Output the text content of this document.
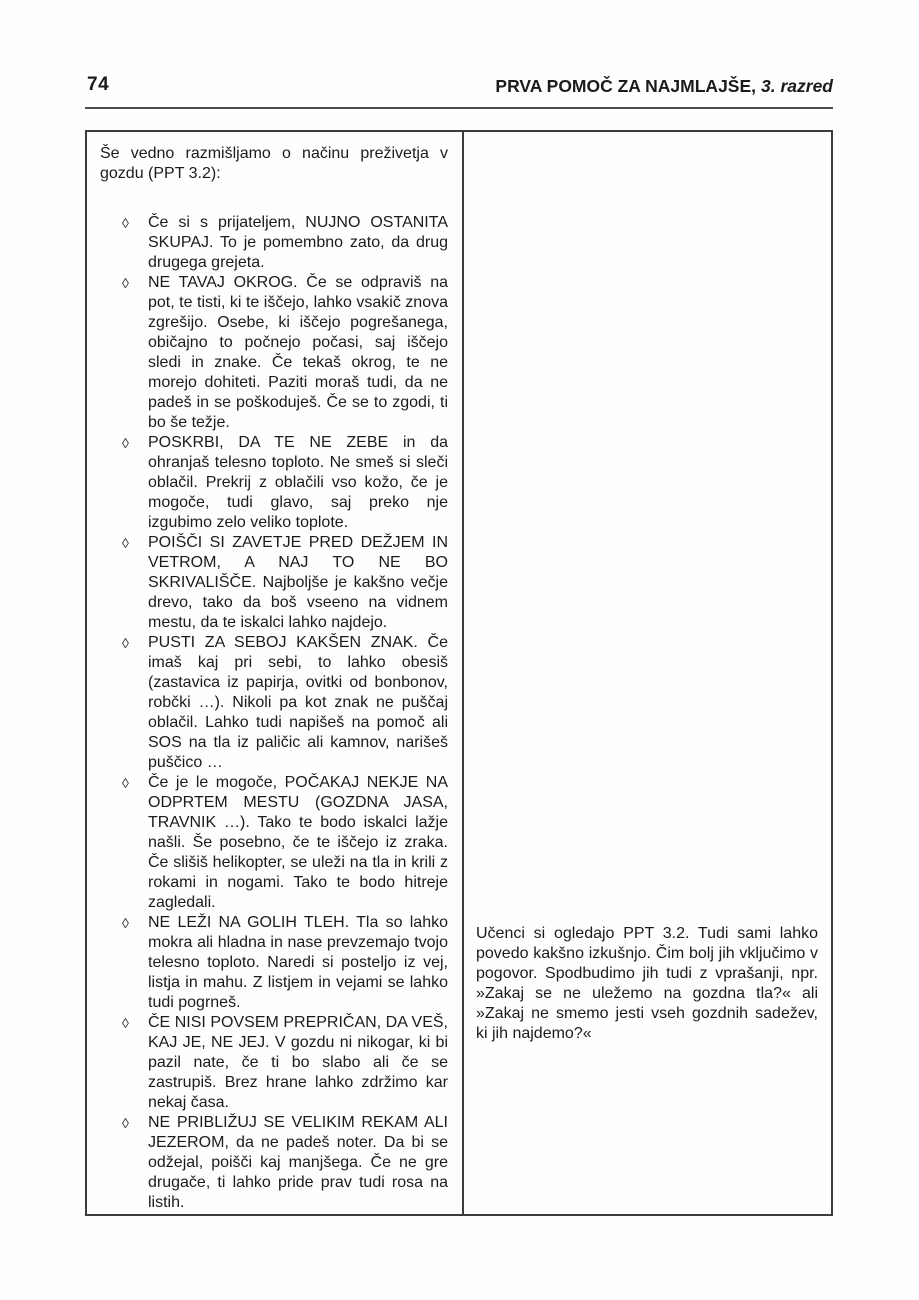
74	PRVA POMOČ ZA NAJMLAJŠE, 3. razred

Še vedno razmišljamo o načinu preživetja v gozdu (PPT 3.2):

◊	Če si s prijateljem, NUJNO OSTANITA SKUPAJ. To je pomembno zato, da drug drugega grejeta.
◊	NE TAVAJ OKROG. Če se odpraviš na pot, te tisti, ki te iščejo, lahko vsakič znova zgrešijo. Osebe, ki iščejo pogrešanega, običajno to počnejo počasi, saj iščejo sledi in znake. Če tekaš okrog, te ne morejo dohiteti. Paziti moraš tudi, da ne padeš in se poškoduješ. Če se to zgodi, ti bo še težje.
◊	POSKRBI, DA TE NE ZEBE in da ohranjaš telesno toploto. Ne smeš si sleči oblačil. Prekrij z oblačili vso kožo, če je mogoče, tudi glavo, saj preko nje izgubimo zelo veliko toplote.
◊	POIŠČI SI ZAVETJE PRED DEŽJEM IN VETROM, A NAJ TO NE BO SKRIVALIŠČE. Najboljše je kakšno večje drevo, tako da boš vseeno na vidnem mestu, da te iskalci lahko najdejo.
◊	PUSTI ZA SEBOJ KAKŠEN ZNAK. Če imaš kaj pri sebi, to lahko obesiš (zastavica iz papirja, ovitki od bonbonov, robčki …). Nikoli pa kot znak ne puščaj oblačil. Lahko tudi napišeš na pomoč ali SOS na tla iz paličic ali kamnov, narišeš puščico …
◊	Če je le mogoče, POČAKAJ NEKJE NA ODPRTEM MESTU (GOZDNA JASA, TRAVNIK …). Tako te bodo iskalci lažje našli. Še posebno, če te iščejo iz zraka. Če slišiš helikopter, se uleži na tla in krili z rokami in nogami. Tako te bodo hitreje zagledali.
◊	NE LEŽI NA GOLIH TLEH. Tla so lahko mokra ali hladna in nase prevzemajo tvojo telesno toploto. Naredi si posteljo iz vej, listja in mahu. Z listjem in vejami se lahko tudi pogrneš.
◊	ČE NISI POVSEM PREPRIČAN, DA VEŠ, KAJ JE, NE JEJ. V gozdu ni nikogar, ki bi pazil nate, če ti bo slabo ali če se zastrupiš. Brez hrane lahko zdržimo kar nekaj časa.
◊	NE PRIBLIŽUJ SE VELIKIM REKAM ALI JEZEROM, da ne padeš noter. Da bi se odžejal, poišči kaj manjšega. Če ne gre drugače, ti lahko pride prav tudi rosa na listih.

Učenci si ogledajo PPT 3.2. Tudi sami lahko povedo kakšno izkušnjo. Čim bolj jih vključimo v pogovor. Spodbudimo jih tudi z vprašanji, npr. »Zakaj se ne uležemo na gozdna tla?« ali »Zakaj ne smemo jesti vseh gozdnih sadežev, ki jih najdemo?«
